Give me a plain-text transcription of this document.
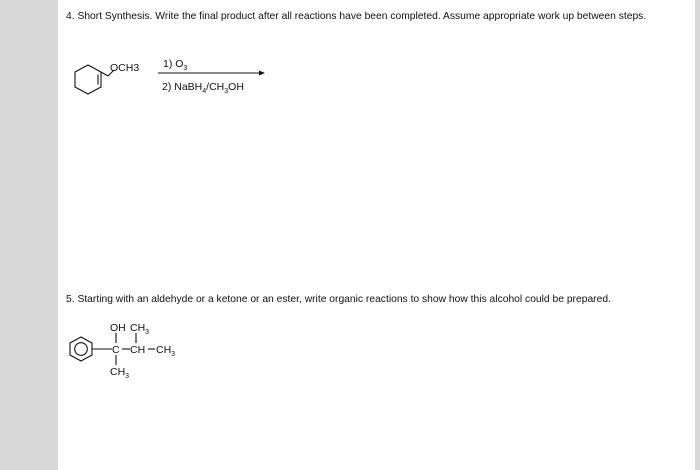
4. Short Synthesis. Write the final product after all reactions have been completed. Assume appropriate work up between steps.

OCH3 1) $O_3$
2) $NaBH_4/CH_3OH$

5. Starting with an aldehyde or a ketone or an ester, write organic reactions to show how this alcohol could be prepared.

OH $CH_3$
C CH $CH_3$
$CH_3$
